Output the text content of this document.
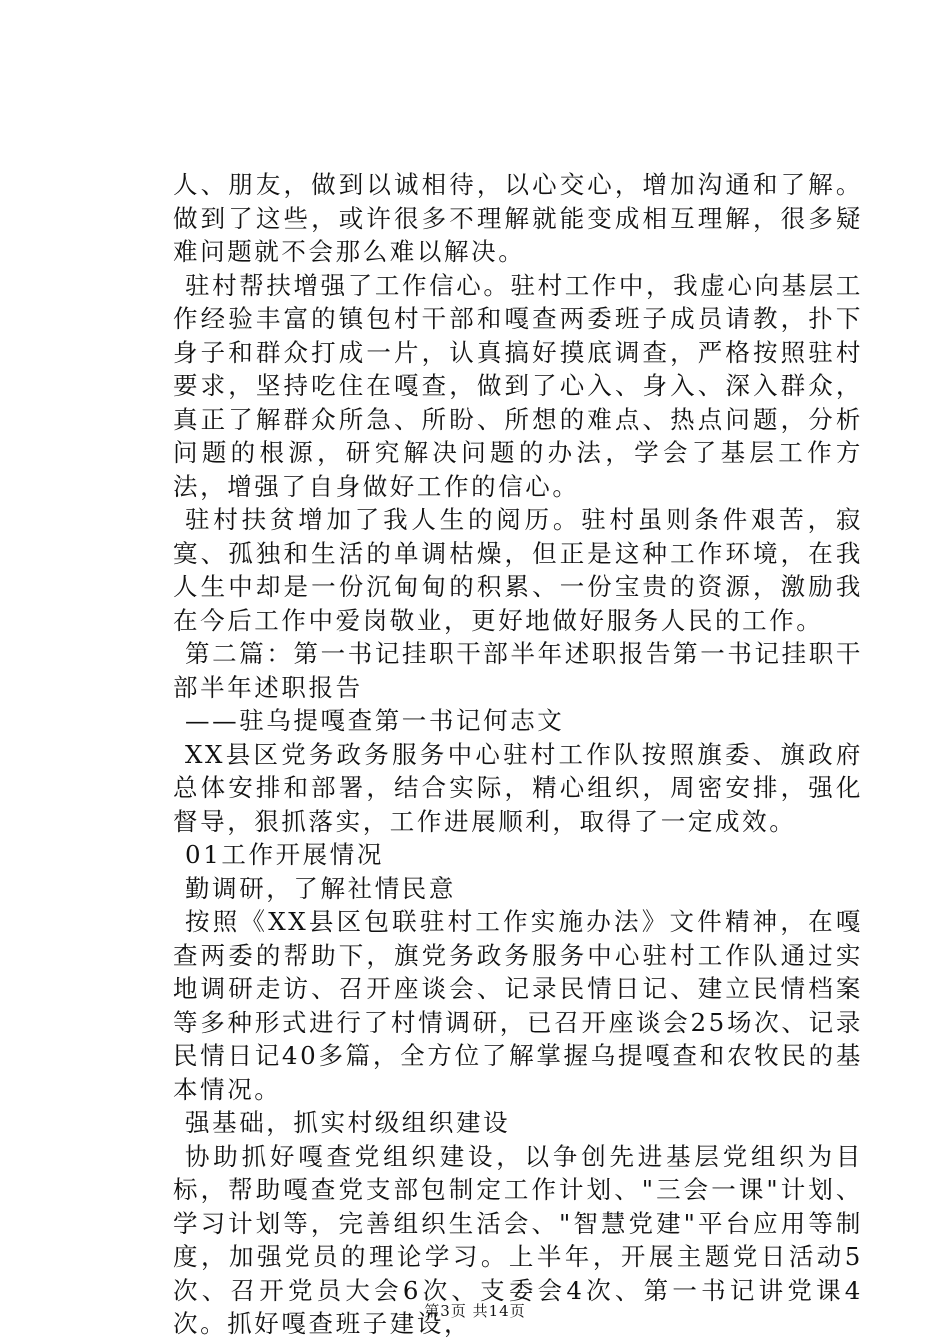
人、朋友，做到以诚相待，以心交心，增加沟通和了解。做到了这些，或许很多不理解就能变成相互理解，很多疑难问题就不会那么难以解决。

驻村帮扶增强了工作信心。驻村工作中，我虚心向基层工作经验丰富的镇包村干部和嘎查两委班子成员请教，扑下身子和群众打成一片，认真搞好摸底调查，严格按照驻村要求，坚持吃住在嘎查，做到了心入、身入、深入群众，真正了解群众所急、所盼、所想的难点、热点问题，分析问题的根源，研究解决问题的办法，学会了基层工作方法，增强了自身做好工作的信心。

驻村扶贫增加了我人生的阅历。驻村虽则条件艰苦，寂寞、孤独和生活的单调枯燥，但正是这种工作环境，在我人生中却是一份沉甸甸的积累、一份宝贵的资源，激励我在今后工作中爱岗敬业，更好地做好服务人民的工作。

第二篇：第一书记挂职干部半年述职报告第一书记挂职干部半年述职报告

——驻乌提嘎查第一书记何志文

XX县区党务政务服务中心驻村工作队按照旗委、旗政府总体安排和部署，结合实际，精心组织，周密安排，强化督导，狠抓落实，工作进展顺利，取得了一定成效。

01工作开展情况

勤调研，了解社情民意

按照《XX县区包联驻村工作实施办法》文件精神，在嘎查两委的帮助下，旗党务政务服务中心驻村工作队通过实地调研走访、召开座谈会、记录民情日记、建立民情档案等多种形式进行了村情调研，已召开座谈会25场次、记录民情日记40多篇，全方位了解掌握乌提嘎查和农牧民的基本情况。

强基础，抓实村级组织建设

协助抓好嘎查党组织建设，以争创先进基层党组织为目标，帮助嘎查党支部包制定工作计划、"三会一课"计划、学习计划等，完善组织生活会、"智慧党建"平台应用等制度，加强党员的理论学习。上半年，开展主题党日活动5次、召开党员大会6次、支委会4次、第一书记讲党课4次。抓好嘎查班子建设，

第3页 共14页
